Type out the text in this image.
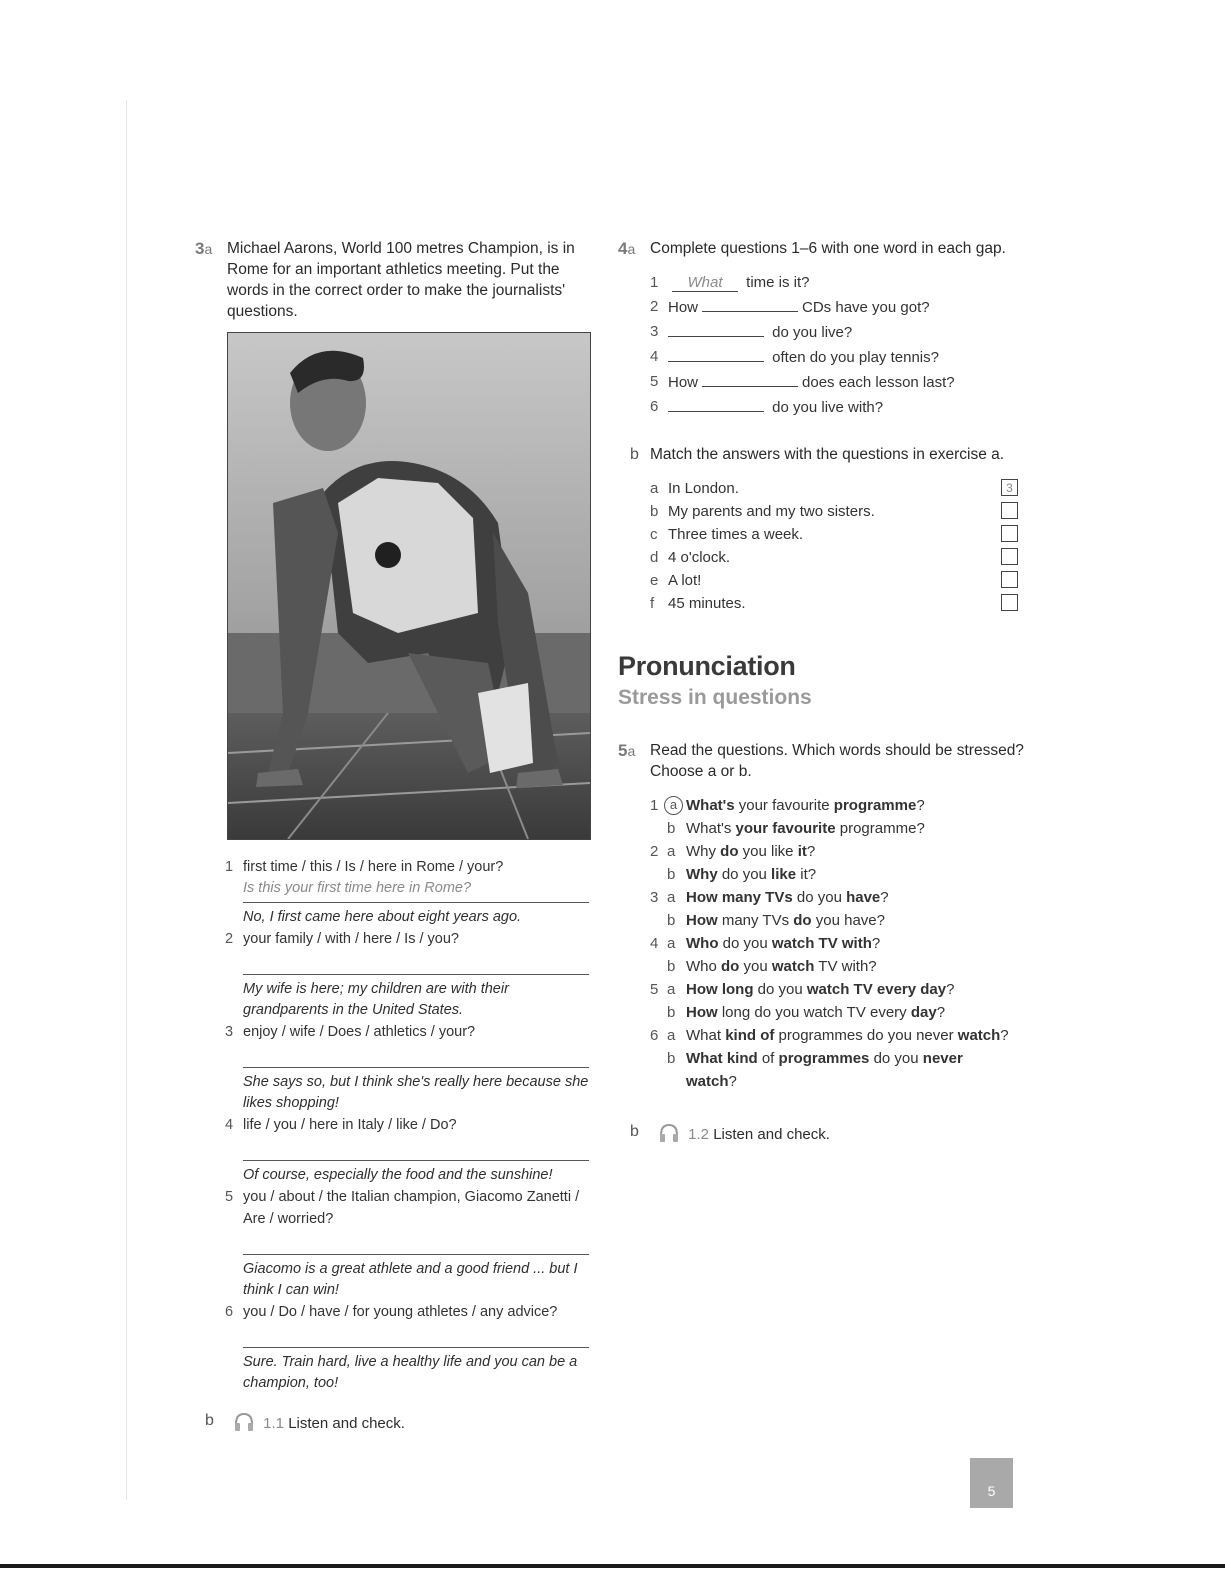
3a Michael Aarons, World 100 metres Champion, is in Rome for an important athletics meeting. Put the words in the correct order to make the journalists' questions.
1 first time / this / Is / here in Rome / your?
Is this your first time here in Rome?
No, I first came here about eight years ago.
2 your family / with / here / Is / you?
My wife is here; my children are with their grandparents in the United States.
3 enjoy / wife / Does / athletics / your?
She says so, but I think she's really here because she likes shopping!
4 life / you / here in Italy / like / Do?
Of course, especially the food and the sunshine!
5 you / about / the Italian champion, Giacomo Zanetti / Are / worried?
Giacomo is a great athlete and a good friend ... but I think I can win!
6 you / Do / have / for young athletes / any advice?
Sure. Train hard, live a healthy life and you can be a champion, too!
b	1.1 Listen and check.
4a Complete questions 1–6 with one word in each gap.
1 What time is it?
2 How	CDs have you got?
3	do you live?
4	often do you play tennis?
5 How	does each lesson last?
6	do you live with?
b Match the answers with the questions in exercise a.
a In London.	3
b My parents and my two sisters.
c Three times a week.
d 4 o'clock.
e A lot!
f 45 minutes.
Pronunciation
Stress in questions
5a Read the questions. Which words should be stressed? Choose a or b.
1 a What's your favourite programme?
b What's your favourite programme?
2 a Why do you like it?
b Why do you like it?
3 a How many TVs do you have?
b How many TVs do you have?
4 a Who do you watch TV with?
b Who do you watch TV with?
5 a How long do you watch TV every day?
b How long do you watch TV every day?
6 a What kind of programmes do you never watch?
b What kind of programmes do you never
watch?
b	1.2 Listen and check.
5
